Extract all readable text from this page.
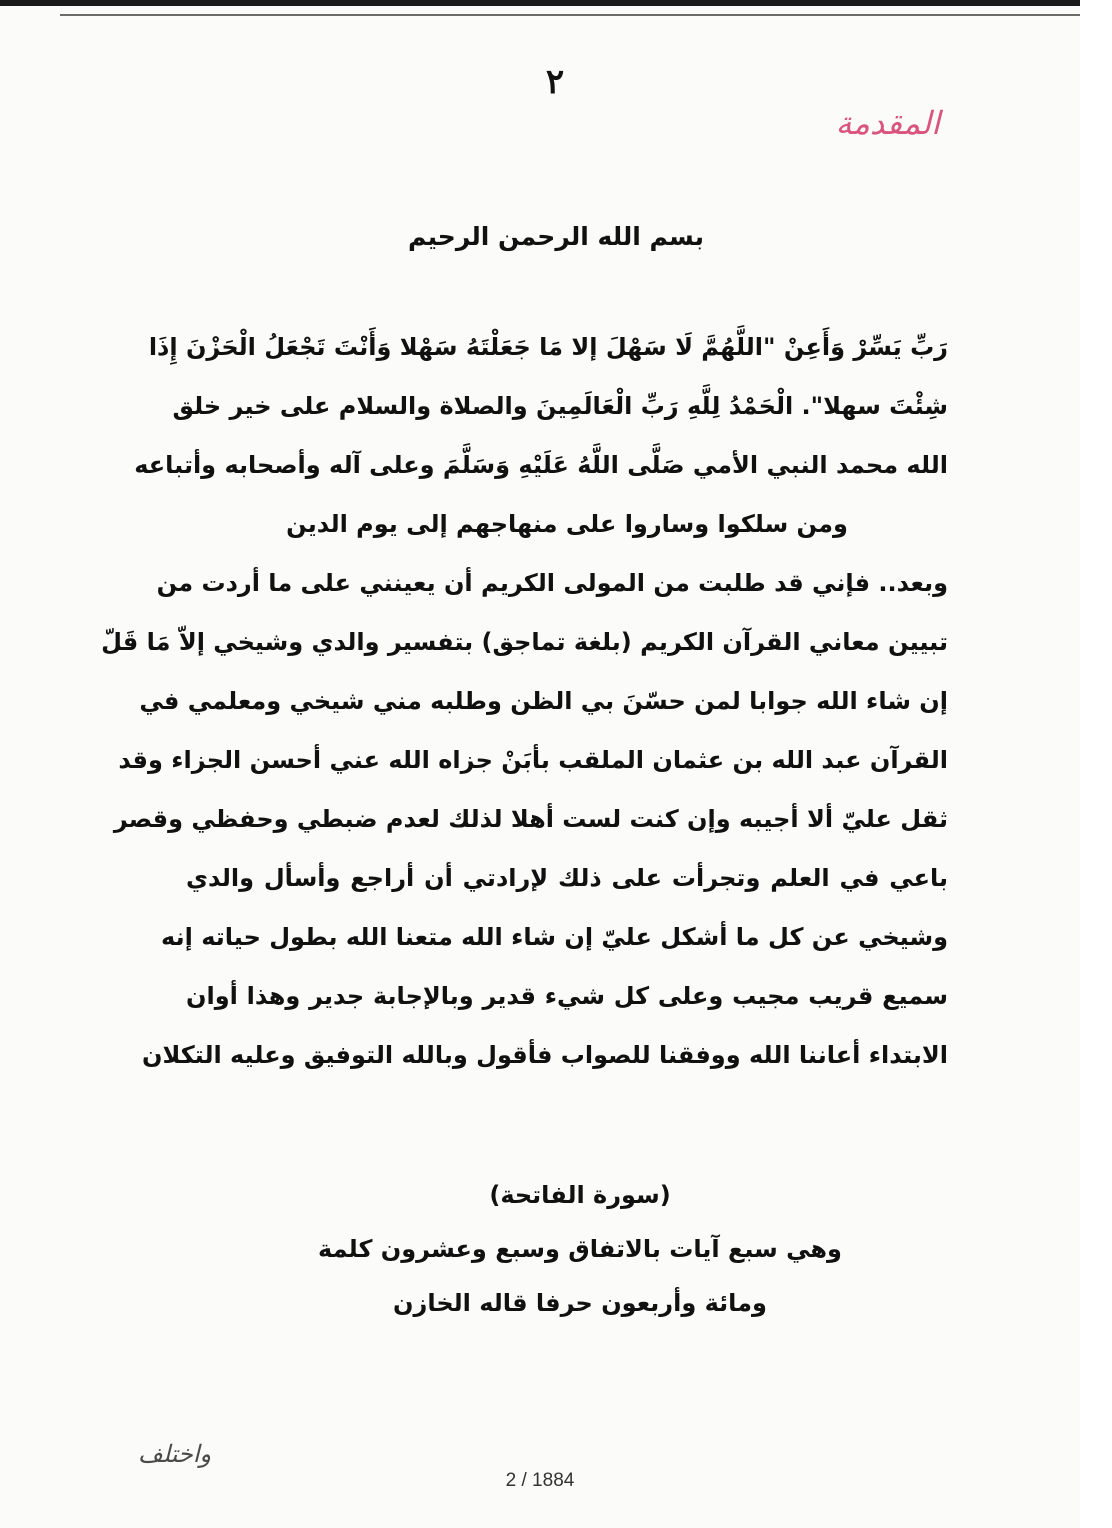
٢
المقدمة
بسم الله الرحمن الرحيم
رَبِّ يَسِّرْ وَأَعِنْ "اللَّهُمَّ لَا سَهْلَ إلا مَا جَعَلْتَهُ سَهْلا وَأَنْتَ تَجْعَلُ الْحَزْنَ إِذَا
شِئْتَ سهلا". الْحَمْدُ لِلَّهِ رَبِّ الْعَالَمِينَ والصلاة والسلام على خير خلق
الله محمد النبي الأمي صَلَّى اللَّهُ عَلَيْهِ وَسَلَّمَ وعلى آله وأصحابه وأتباعه
ومن سلكوا وساروا على منهاجهم إلى يوم الدين
وبعد.. فإني قد طلبت من المولى الكريم أن يعينني على ما أردت من
تبيين معاني القرآن الكريم (بلغة تماجق) بتفسير والدي وشيخي إلاّ مَا قَلّ
إن شاء الله جوابا لمن حسّنَ بي الظن وطلبه مني شيخي ومعلمي في
القرآن عبد الله بن عثمان الملقب بأبَنْ جزاه الله عني أحسن الجزاء وقد
ثقل عليّ ألا أجيبه وإن كنت لست أهلا لذلك لعدم ضبطي وحفظي وقصر
باعي في العلم وتجرأت على ذلك لإرادتي أن أراجع وأسأل والدي
وشيخي عن كل ما أشكل عليّ إن شاء الله متعنا الله بطول حياته إنه
سميع قريب مجيب وعلى كل شيء قدير وبالإجابة جدير وهذا أوان
الابتداء أعاننا الله ووفقنا للصواب فأقول وبالله التوفيق وعليه التكلان
(سورة الفاتحة)
وهي سبع آيات بالاتفاق وسبع وعشرون كلمة
ومائة وأربعون حرفا قاله الخازن
واختلف
2 / 1884
